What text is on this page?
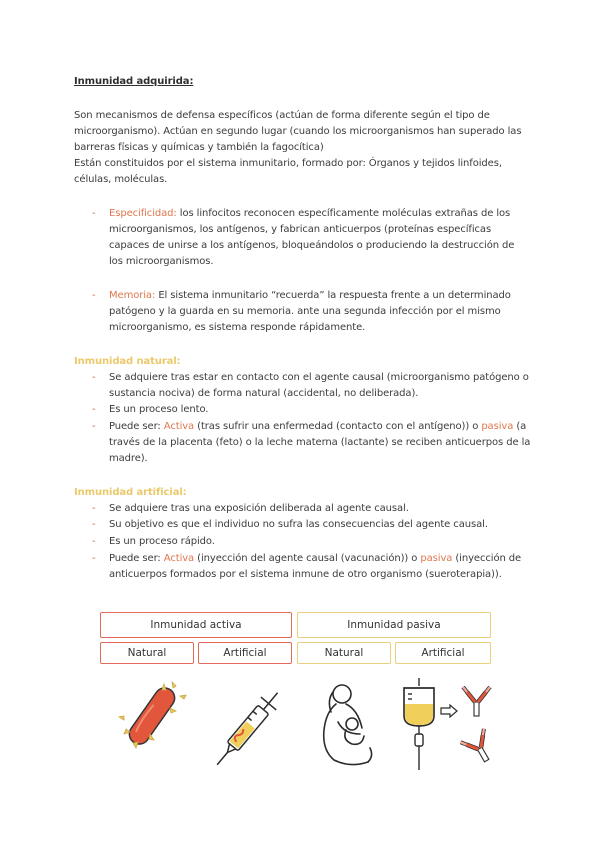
Inmunidad adquirida:
Son mecanismos de defensa específicos (actúan de forma diferente según el tipo de
microorganismo). Actúan en segundo lugar (cuando los microorganismos han superado las
barreras físicas y químicas y también la fagocítica)
Están constituidos por el sistema inmunitario, formado por: Órganos y tejidos linfoides,
células, moléculas.
- Especificidad: los linfocitos reconocen específicamente moléculas extrañas de los
microorganismos, los antígenos, y fabrican anticuerpos (proteínas específicas
capaces de unirse a los antígenos, bloqueándolos o produciendo la destrucción de
los microorganismos.
- Memoria: El sistema inmunitario “recuerda” la respuesta frente a un determinado
patógeno y la guarda en su memoria. ante una segunda infección por el mismo
microorganismo, es sistema responde rápidamente.
Inmunidad natural:
- Se adquiere tras estar en contacto con el agente causal (microorganismo patógeno o
sustancia nociva) de forma natural (accidental, no deliberada).
- Es un proceso lento.
- Puede ser: Activa (tras sufrir una enfermedad (contacto con el antígeno)) o pasiva (a
través de la placenta (feto) o la leche materna (lactante) se reciben anticuerpos de la
madre).
Inmunidad artificial:
- Se adquiere tras una exposición deliberada al agente causal.
- Su objetivo es que el individuo no sufra las consecuencias del agente causal.
- Es un proceso rápido.
- Puede ser: Activa (inyección del agente causal (vacunación)) o pasiva (inyección de
anticuerpos formados por el sistema inmune de otro organismo (sueroterapia)).
Inmunidad activa	Inmunidad pasiva
Natural	Artificial	Natural	Artificial
